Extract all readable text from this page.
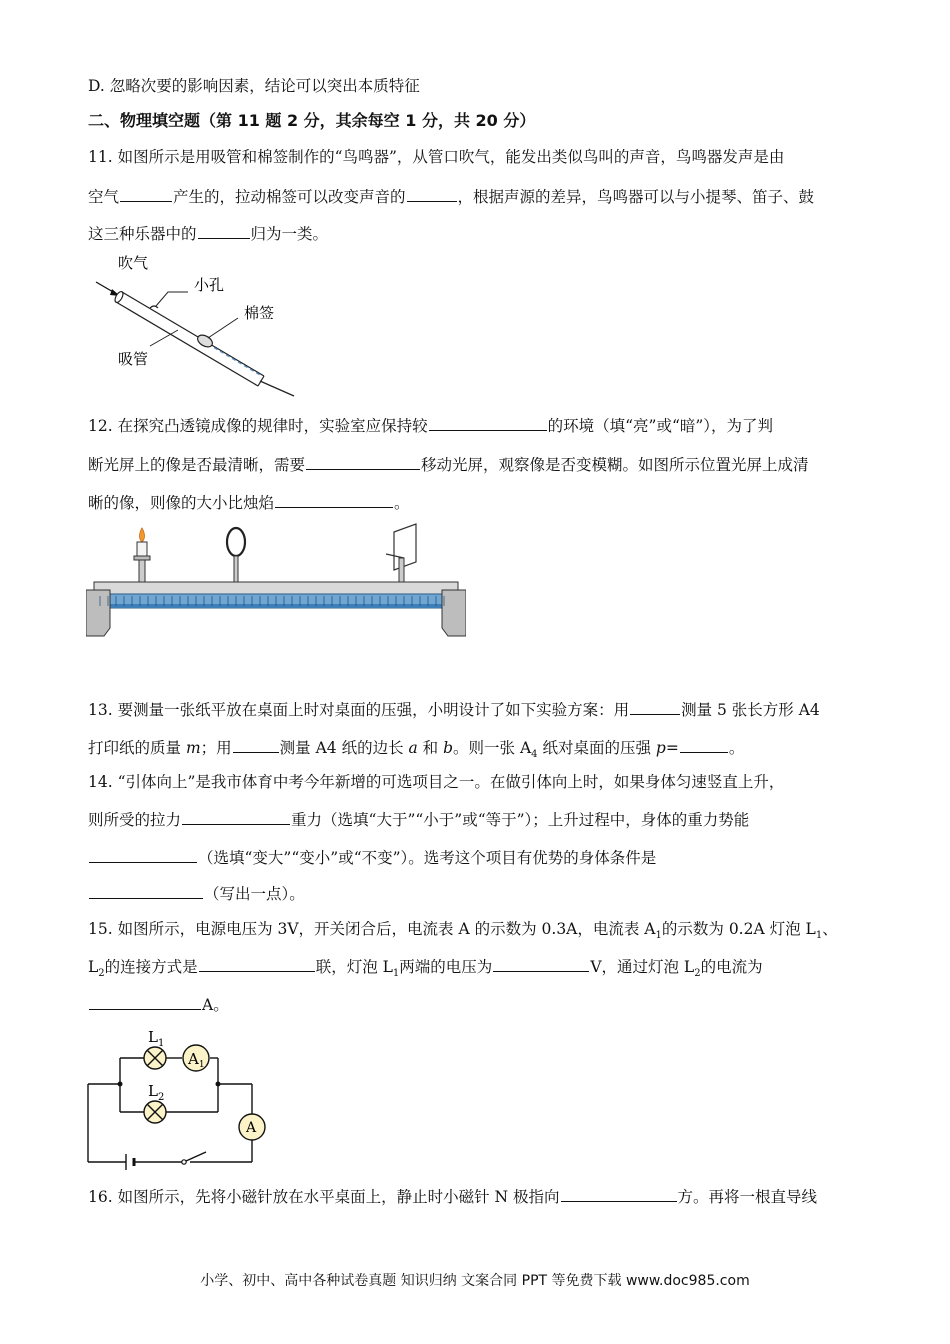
D. 忽略次要的影响因素，结论可以突出本质特征
二、物理填空题（第 11 题 2 分，其余每空 1 分，共 20 分）
11. 如图所示是用吸管和棉签制作的“鸟鸣器”，从管口吹气，能发出类似鸟叫的声音，鸟鸣器发声是由
空气	产生的，拉动棉签可以改变声音的	，根据声源的差异，鸟鸣器可以与小提琴、笛子、鼓
这三种乐器中的	归为一类。
吹气
小孔
棉签
吸管
12. 在探究凸透镜成像的规律时，实验室应保持较	的环境（填“亮”或“暗”），为了判
断光屏上的像是否最清晰，需要	移动光屏，观察像是否变模糊。如图所示位置光屏上成清
晰的像，则像的大小比烛焰	。
13. 要测量一张纸平放在桌面上时对桌面的压强，小明设计了如下实验方案：用	测量 5 张长方形 A4
打印纸的质量 m；用	测量 A4 纸的边长 a 和 b。则一张 $A_4$ 纸对桌面的压强 p=	。
14. “引体向上”是我市体育中考今年新增的可选项目之一。在做引体向上时，如果身体匀速竖直上升，
则所受的拉力	重力（选填“大于”“小于”或“等于”）；上升过程中，身体的重力势能
（选填“变大”“变小”或“不变”）。选考这个项目有优势的身体条件是
（写出一点）。
15. 如图所示，电源电压为 3V，开关闭合后，电流表 A 的示数为 0.3A，电流表 $A_1$的示数为 0.2A 灯泡 $L_1$、
$L_2$的连接方式是	联，灯泡 $L_1$两端的电压为	V，通过灯泡 $L_2$的电流为
A。
$L_1$
$L_2$
$A_1$
A
16. 如图所示，先将小磁针放在水平桌面上，静止时小磁针 N 极指向	方。再将一根直导线
小学、初中、高中各种试卷真题 知识归纳 文案合同 PPT 等免费下载 www.doc985.com
